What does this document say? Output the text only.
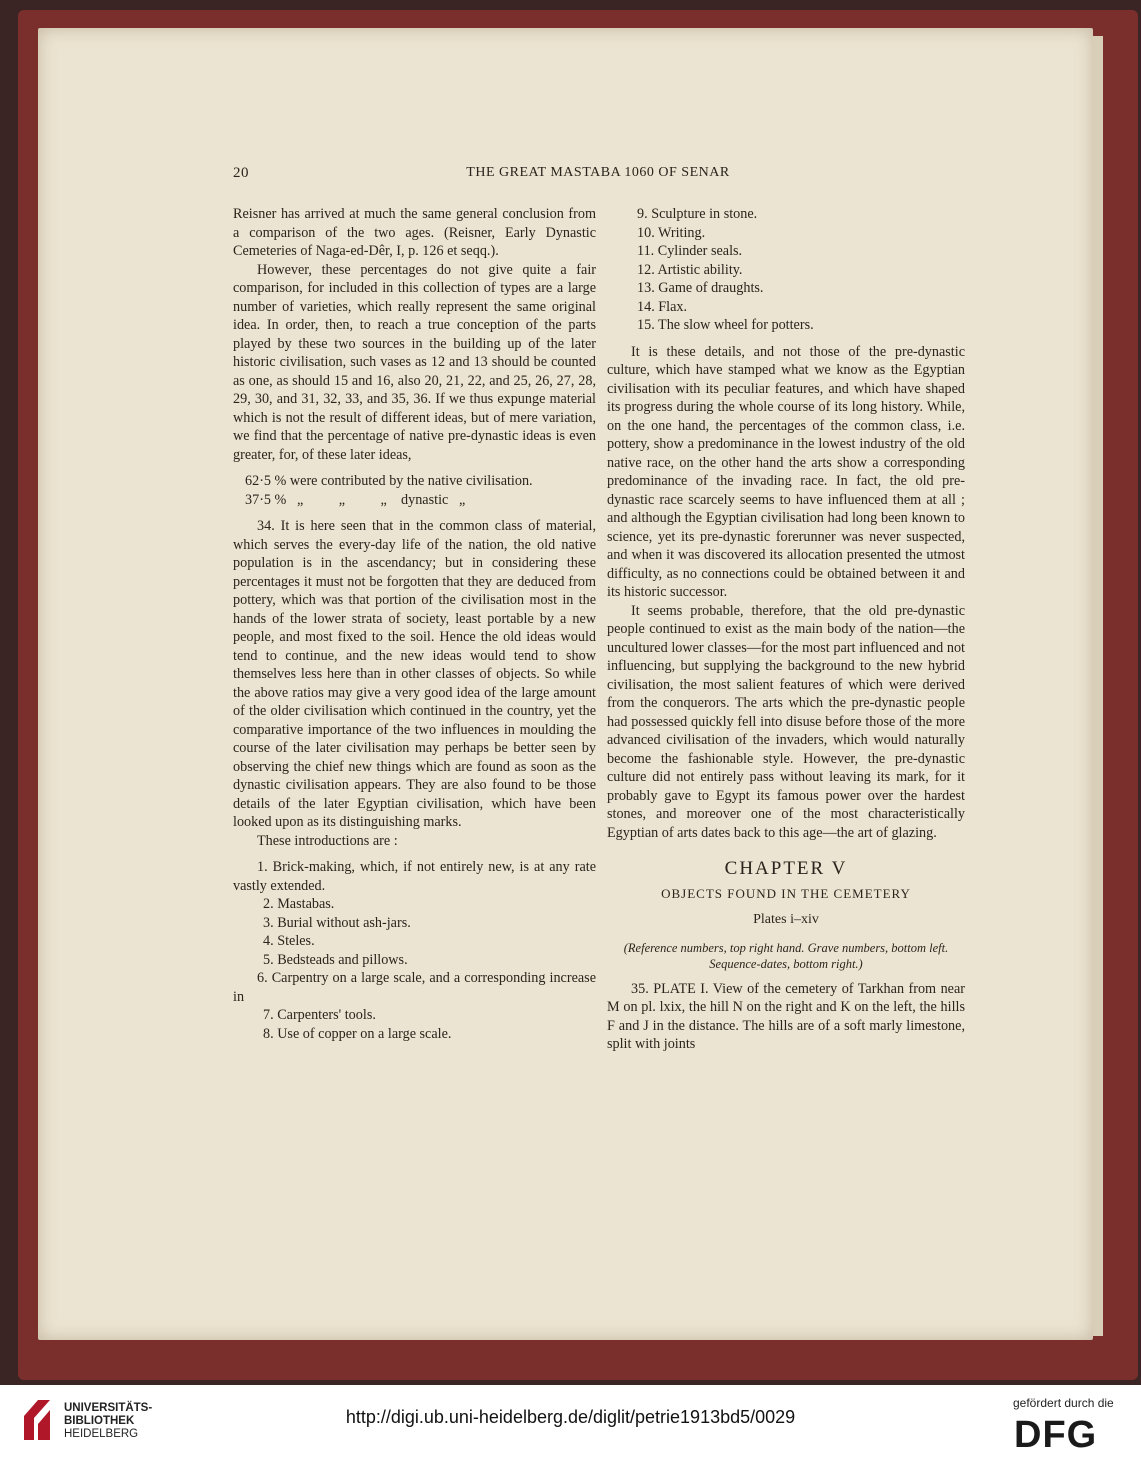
20	THE GREAT MASTABA 1060 OF SENAR

Reisner has arrived at much the same general conclusion from a comparison of the two ages. (Reisner, Early Dynastic Cemeteries of Naga-ed-Dêr, I, p. 126 et seqq.).

However, these percentages do not give quite a fair comparison, for included in this collection of types are a large number of varieties, which really represent the same original idea. In order, then, to reach a true conception of the parts played by these two sources in the building up of the later historic civilisation, such vases as 12 and 13 should be counted as one, as should 15 and 16, also 20, 21, 22, and 25, 26, 27, 28, 29, 30, and 31, 32, 33, and 35, 36. If we thus expunge material which is not the result of different ideas, but of mere variation, we find that the percentage of native pre-dynastic ideas is even greater, for, of these later ideas,

62·5 % were contributed by the native civilisation.

37·5 %   „          „          „    dynastic   „

34. It is here seen that in the common class of material, which serves the every-day life of the nation, the old native population is in the ascendancy; but in considering these percentages it must not be forgotten that they are deduced from pottery, which was that portion of the civilisation most in the hands of the lower strata of society, least portable by a new people, and most fixed to the soil. Hence the old ideas would tend to continue, and the new ideas would tend to show themselves less here than in other classes of objects. So while the above ratios may give a very good idea of the large amount of the older civilisation which continued in the country, yet the comparative importance of the two influences in moulding the course of the later civilisation may perhaps be better seen by observing the chief new things which are found as soon as the dynastic civilisation appears. They are also found to be those details of the later Egyptian civilisation, which have been looked upon as its distinguishing marks.

These introductions are :

1. Brick-making, which, if not entirely new, is at any rate vastly extended.

2. Mastabas.

3. Burial without ash-jars.

4. Steles.

5. Bedsteads and pillows.

6. Carpentry on a large scale, and a corresponding increase in

7. Carpenters' tools.

8. Use of copper on a large scale.

9. Sculpture in stone.

10. Writing.

11. Cylinder seals.

12. Artistic ability.

13. Game of draughts.

14. Flax.

15. The slow wheel for potters.

It is these details, and not those of the pre-dynastic culture, which have stamped what we know as the Egyptian civilisation with its peculiar features, and which have shaped its progress during the whole course of its long history. While, on the one hand, the percentages of the common class, i.e. pottery, show a predominance in the lowest industry of the old native race, on the other hand the arts show a corresponding predominance of the invading race. In fact, the old pre-dynastic race scarcely seems to have influenced them at all ; and although the Egyptian civilisation had long been known to science, yet its pre-dynastic forerunner was never suspected, and when it was discovered its allocation presented the utmost difficulty, as no connections could be obtained between it and its historic successor.

It seems probable, therefore, that the old pre-dynastic people continued to exist as the main body of the nation—the uncultured lower classes—for the most part influenced and not influencing, but supplying the background to the new hybrid civilisation, the most salient features of which were derived from the conquerors. The arts which the pre-dynastic people had possessed quickly fell into disuse before those of the more advanced civilisation of the invaders, which would naturally become the fashionable style. However, the pre-dynastic culture did not entirely pass without leaving its mark, for it probably gave to Egypt its famous power over the hardest stones, and moreover one of the most characteristically Egyptian of arts dates back to this age—the art of glazing.

CHAPTER V
OBJECTS FOUND IN THE CEMETERY
Plates i–xiv
(Reference numbers, top right hand. Grave numbers, bottom left. Sequence-dates, bottom right.)

35. PLATE I. View of the cemetery of Tarkhan from near M on pl. lxix, the hill N on the right and K on the left, the hills F and J in the distance. The hills are of a soft marly limestone, split with joints

UNIVERSITÄTS-
BIBLIOTHEK
HEIDELBERG
http://digi.ub.uni-heidelberg.de/diglit/petrie1913bd5/0029
gefördert durch die
DFG
